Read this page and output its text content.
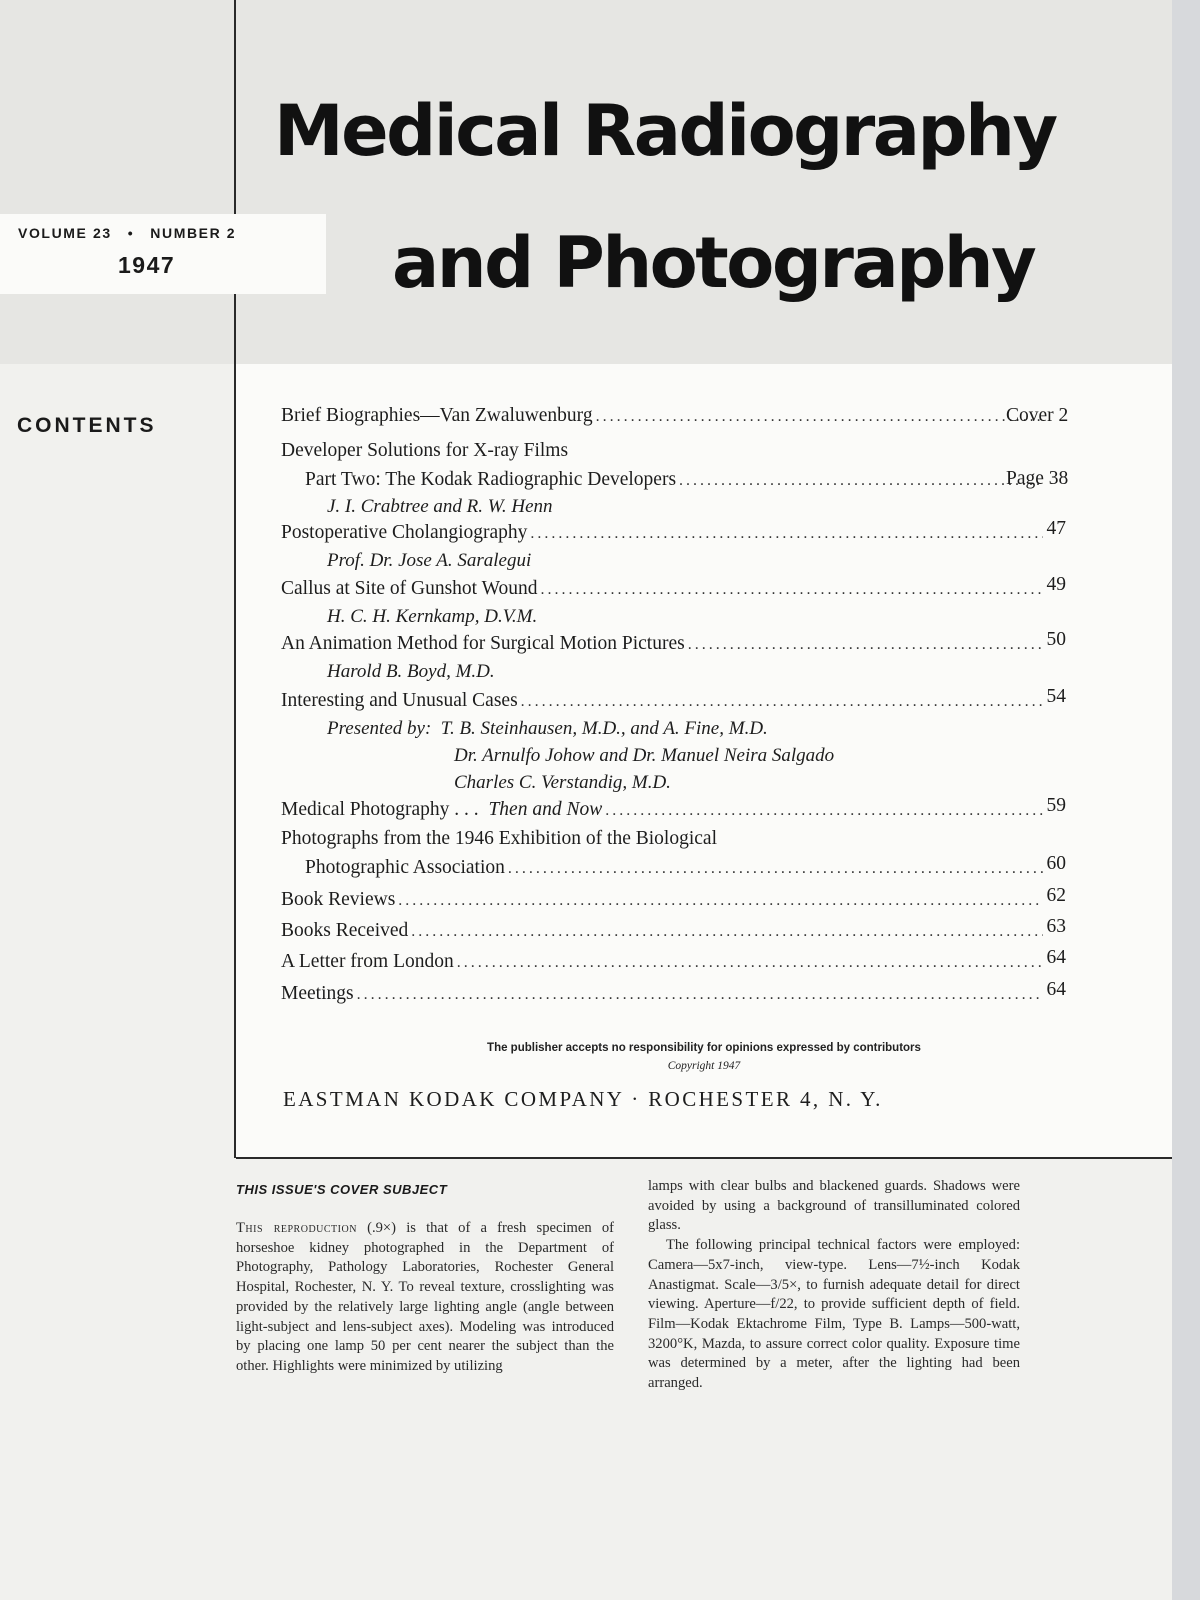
Medical Radiography
and Photography
VOLUME 23 • NUMBER 2
1947
CONTENTS	Brief Biographies—Van Zwaluwenburg .....	Cover 2
Developer Solutions for X-ray Films
Part Two: The Kodak Radiographic Developers .....	Page 38
J. I. Crabtree and R. W. Henn
Postoperative Cholangiography .....	47
Prof. Dr. Jose A. Saralegui
Callus at Site of Gunshot Wound .....	49
H. C. H. Kernkamp, D.V.M.
An Animation Method for Surgical Motion Pictures .....	50
Harold B. Boyd, M.D.
Interesting and Unusual Cases .....	54
Presented by: T. B. Steinhausen, M.D., and A. Fine, M.D.
Dr. Arnulfo Johow and Dr. Manuel Neira Salgado
Charles C. Verstandig, M.D.
Medical Photography . . .
Then and Now .....	59
Photographs from the 1946 Exhibition of the Biological
Photographic Association .....	60
Book Reviews .....	62
Books Received .....	63
A Letter from London .....	64
Meetings .....	64
The publisher accepts no responsibility for opinions expressed by contributors
Copyright 1947
EASTMAN KODAK COMPANY · ROCHESTER 4, N. Y.
THIS ISSUE'S COVER SUBJECT

This reproduction (.9×) is that of a fresh specimen of horseshoe kidney photographed in the Department of Photography, Pathology Laboratories, Rochester General Hospital, Rochester, N. Y. To reveal texture, crosslighting was provided by the relatively large lighting angle (angle between light-subject and lens-subject axes). Modeling was introduced by placing one lamp 50 per cent nearer the subject than the other. Highlights were minimized by utilizing

lamps with clear bulbs and blackened guards. Shadows were avoided by using a background of transilluminated colored glass.

The following principal technical factors were employed: Camera—5x7-inch, view-type. Lens—7½-inch Kodak Anastigmat. Scale—3/5×, to furnish adequate detail for direct viewing. Aperture—f/22, to provide sufficient depth of field. Film—Kodak Ektachrome Film, Type B. Lamps—500-watt, 3200°K, Mazda, to assure correct color quality. Exposure time was determined by a meter, after the lighting had been arranged.
